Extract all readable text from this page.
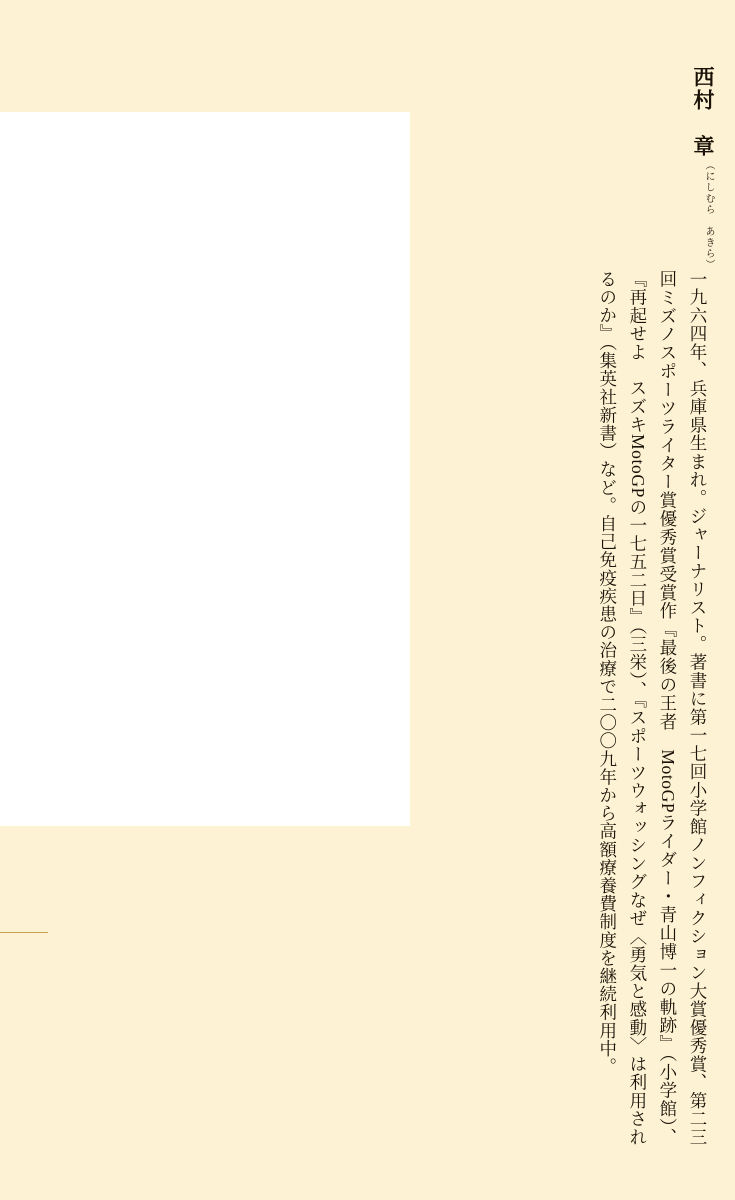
西村　章
（にしむら　あきら）
一九六四年、兵庫県生まれ。ジャーナリスト。著書に第一七回小学館ノンフィクション大賞優秀賞、第二三回ミズノスポーツライター賞優秀賞受賞作『最後の王者　MotoGPライダー・青山博一の軌跡』（小学館）、『再起せよ　スズキMotoGPの一七五二日』（三栄）、『スポーツウォッシングなぜ〈勇気と感動〉は利用されるのか』（集英社新書）など。自己免疫疾患の治療で二〇〇九年から高額療養費制度を継続利用中。
